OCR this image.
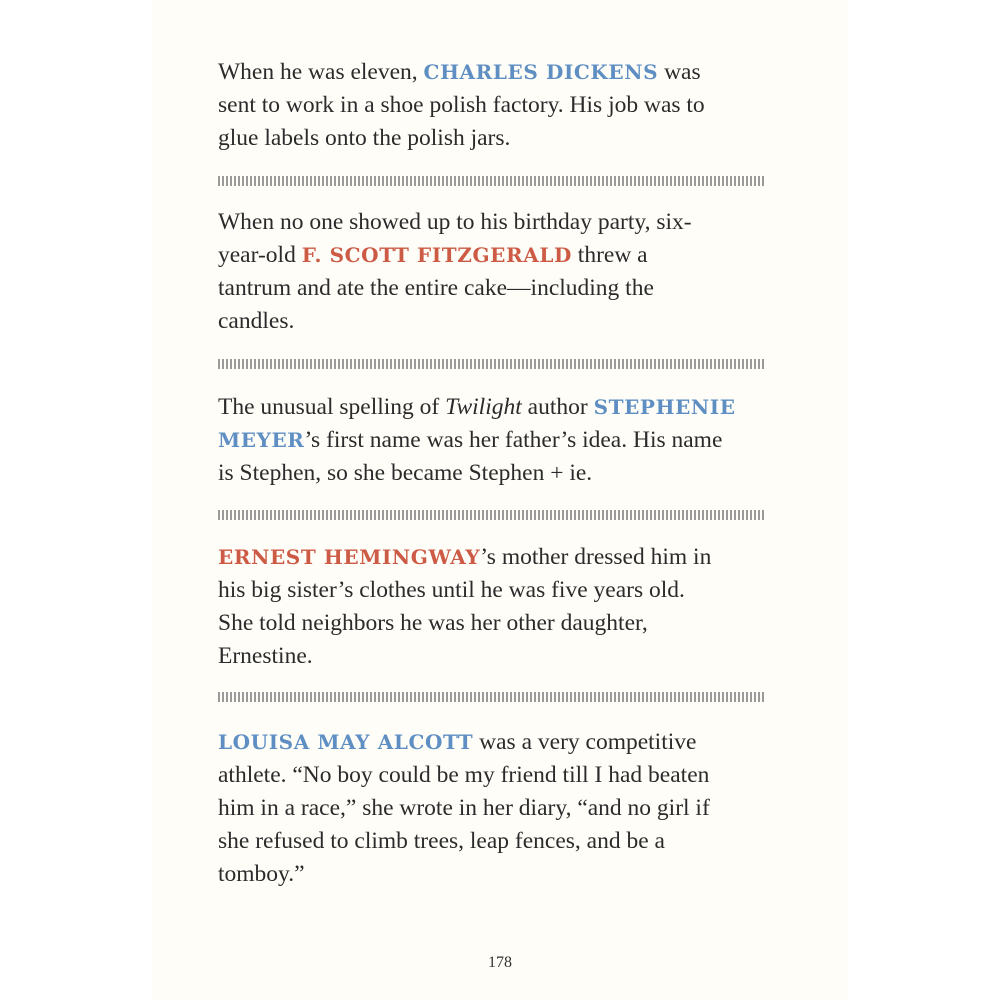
When he was eleven, CHARLES DICKENS was
sent to work in a shoe polish factory. His job was to
glue labels onto the polish jars.

When no one showed up to his birthday party, six-
year-old F. SCOTT FITZGERALD threw a
tantrum and ate the entire cake—including the
candles.

The unusual spelling of Twilight author STEPHENIE
MEYER’s first name was her father’s idea. His name
is Stephen, so she became Stephen + ie.

ERNEST HEMINGWAY’s mother dressed him in
his big sister’s clothes until he was five years old.
She told neighbors he was her other daughter,
Ernestine.

LOUISA MAY ALCOTT was a very competitive
athlete. “No boy could be my friend till I had beaten
him in a race,” she wrote in her diary, “and no girl if
she refused to climb trees, leap fences, and be a
tomboy.”

178
